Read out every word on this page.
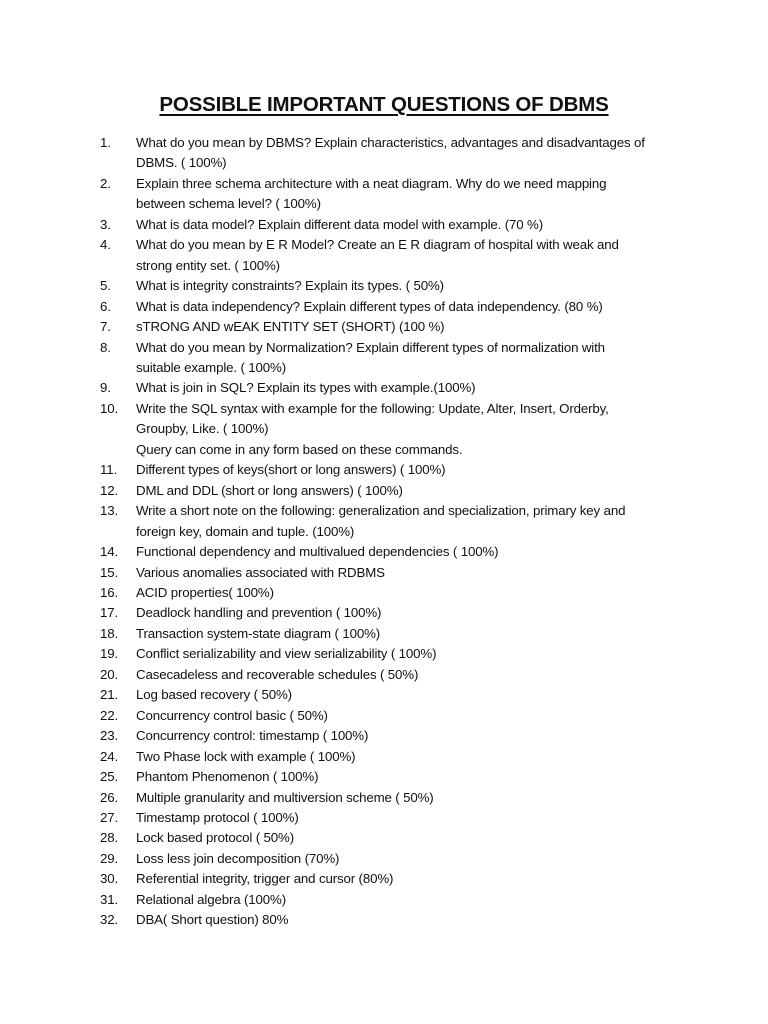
POSSIBLE IMPORTANT QUESTIONS OF DBMS
1.	What do you mean by DBMS? Explain characteristics, advantages and disadvantages of
DBMS. ( 100%)
2.	Explain three schema architecture with a neat diagram. Why do we need mapping
between schema level? ( 100%)
3.	What is data model? Explain different data model with example. (70 %)
4.	What do you mean by E R Model? Create an E R diagram of hospital with weak and
strong entity set. ( 100%)
5.	What is integrity constraints? Explain its types. ( 50%)
6.	What is data independency? Explain different types of data independency. (80 %)
7.	sTRONG AND wEAK ENTITY SET (SHORT) (100 %)
8.	What do you mean by Normalization? Explain different types of normalization with
suitable example. ( 100%)
9.	What is join in SQL? Explain its types with example.(100%)
10.	Write the SQL syntax with example for the following: Update, Alter, Insert, Orderby,
Groupby, Like. ( 100%)
Query can come in any form based on these commands.
11.	Different types of keys(short or long answers) ( 100%)
12.	DML and DDL (short or long answers) ( 100%)
13.	Write a short note on the following: generalization and specialization, primary key and
foreign key, domain and tuple. (100%)
14.	Functional dependency and multivalued dependencies ( 100%)
15.	Various anomalies associated with RDBMS
16.	ACID properties( 100%)
17.	Deadlock handling and prevention ( 100%)
18.	Transaction system-state diagram ( 100%)
19.	Conflict serializability and view serializability ( 100%)
20.	Casecadeless and recoverable schedules ( 50%)
21.	Log based recovery ( 50%)
22.	Concurrency control basic ( 50%)
23.	Concurrency control: timestamp ( 100%)
24.	Two Phase lock with example ( 100%)
25.	Phantom Phenomenon ( 100%)
26.	Multiple granularity and multiversion scheme ( 50%)
27.	Timestamp protocol ( 100%)
28.	Lock based protocol ( 50%)
29.	Loss less join decomposition (70%)
30.	Referential integrity, trigger and cursor (80%)
31.	Relational algebra (100%)
32.	DBA( Short question) 80%
